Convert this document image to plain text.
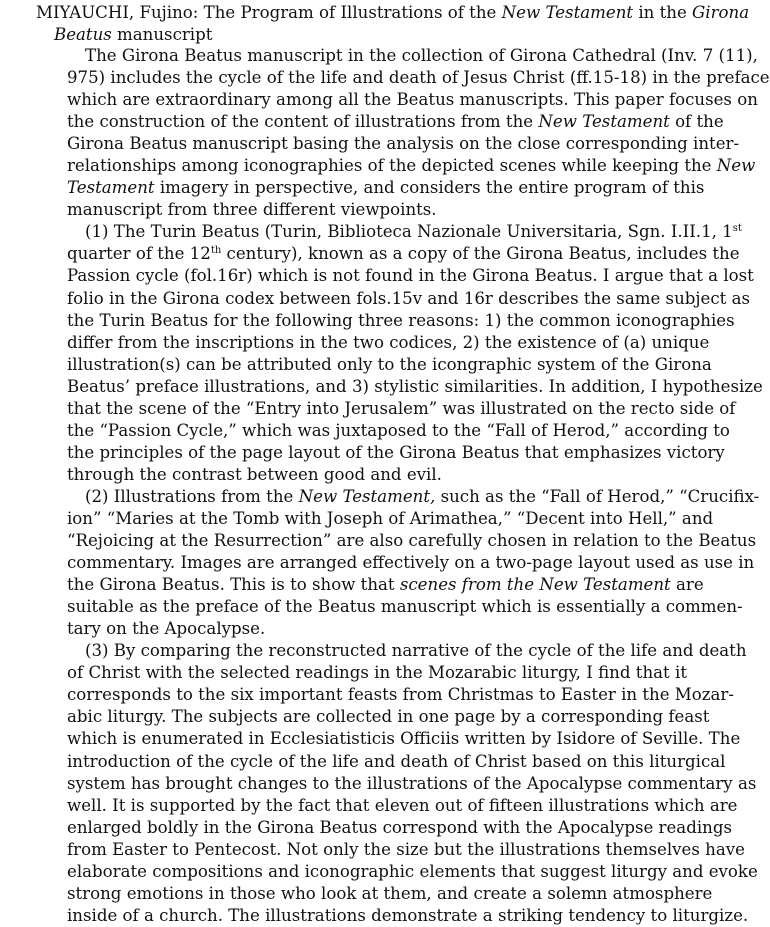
MIYAUCHI, Fujino: The Program of Illustrations of the New Testament in the Girona
Beatus manuscript
The Girona Beatus manuscript in the collection of Girona Cathedral (Inv. 7 (11),
975) includes the cycle of the life and death of Jesus Christ (ff.15-18) in the preface
which are extraordinary among all the Beatus manuscripts. This paper focuses on
the construction of the content of illustrations from the New Testament of the
Girona Beatus manuscript basing the analysis on the close corresponding inter-
relationships among iconographies of the depicted scenes while keeping the New
Testament imagery in perspective, and considers the entire program of this
manuscript from three different viewpoints.
(1) The Turin Beatus (Turin, Biblioteca Nazionale Universitaria, Sgn. I.II.1, 1st
quarter of the 12th century), known as a copy of the Girona Beatus, includes the
Passion cycle (fol.16r) which is not found in the Girona Beatus. I argue that a lost
folio in the Girona codex between fols.15v and 16r describes the same subject as
the Turin Beatus for the following three reasons: 1) the common iconographies
differ from the inscriptions in the two codices, 2) the existence of (a) unique
illustration(s) can be attributed only to the icongraphic system of the Girona
Beatus’ preface illustrations, and 3) stylistic similarities. In addition, I hypothesize
that the scene of the “Entry into Jerusalem” was illustrated on the recto side of
the “Passion Cycle,” which was juxtaposed to the “Fall of Herod,” according to
the principles of the page layout of the Girona Beatus that emphasizes victory
through the contrast between good and evil.
(2) Illustrations from the New Testament, such as the “Fall of Herod,” “Crucifix-
ion” “Maries at the Tomb with Joseph of Arimathea,” “Decent into Hell,” and
“Rejoicing at the Resurrection” are also carefully chosen in relation to the Beatus
commentary. Images are arranged effectively on a two-page layout used as use in
the Girona Beatus. This is to show that scenes from the New Testament are
suitable as the preface of the Beatus manuscript which is essentially a commen-
tary on the Apocalypse.
(3) By comparing the reconstructed narrative of the cycle of the life and death
of Christ with the selected readings in the Mozarabic liturgy, I find that it
corresponds to the six important feasts from Christmas to Easter in the Mozar-
abic liturgy. The subjects are collected in one page by a corresponding feast
which is enumerated in Ecclesiatisticis Officiis written by Isidore of Seville. The
introduction of the cycle of the life and death of Christ based on this liturgical
system has brought changes to the illustrations of the Apocalypse commentary as
well. It is supported by the fact that eleven out of fifteen illustrations which are
enlarged boldly in the Girona Beatus correspond with the Apocalypse readings
from Easter to Pentecost. Not only the size but the illustrations themselves have
elaborate compositions and iconographic elements that suggest liturgy and evoke
strong emotions in those who look at them, and create a solemn atmosphere
inside of a church. The illustrations demonstrate a striking tendency to liturgize.
